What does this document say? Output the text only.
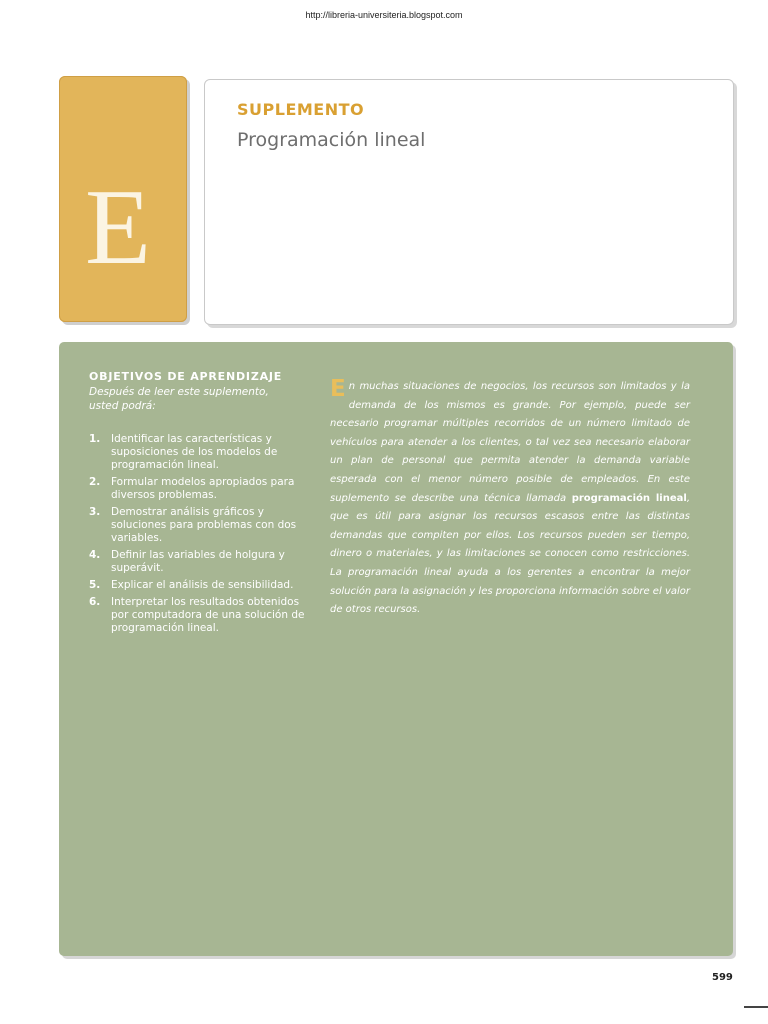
http://libreria-universiteria.blogspot.com
E
SUPLEMENTO
Programación lineal

OBJETIVOS DE APRENDIZAJE

Después de leer este suplemento, usted podrá:

1. Identificar las características y suposiciones de los modelos de programación lineal.
2. Formular modelos apropiados para diversos problemas.
3. Demostrar análisis gráficos y soluciones para problemas con dos variables.
4. Definir las variables de holgura y superávit.
5. Explicar el análisis de sensibilidad.
6. Interpretar los resultados obtenidos por computadora de una solución de programación lineal.

En muchas situaciones de negocios, los recursos son limitados y la demanda de los mismos es grande. Por ejemplo, puede ser necesario programar múltiples recorridos de un número limitado de vehículos para atender a los clientes, o tal vez sea necesario elaborar un plan de personal que permita atender la demanda variable esperada con el menor número posible de empleados. En este suplemento se describe una técnica llamada programación lineal, que es útil para asignar los recursos escasos entre las distintas demandas que compiten por ellos. Los recursos pueden ser tiempo, dinero o materiales, y las limitaciones se conocen como restricciones. La programación lineal ayuda a los gerentes a encontrar la mejor solución para la asignación y les proporciona información sobre el valor de otros recursos.

599
